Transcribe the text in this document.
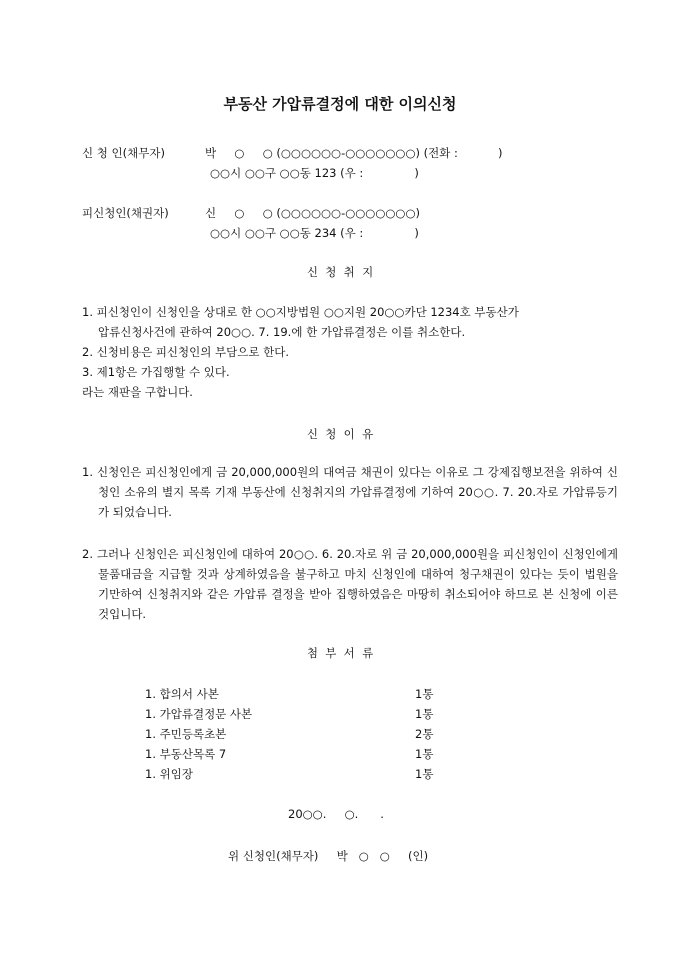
부동산 가압류결정에 대한 이의신청
신 청 인(채무자)	박     ○     ○ (○○○○○○-○○○○○○○) (전화 :           )
○○시 ○○구 ○○동 123 (우 :              )
피신청인(채권자)	신     ○     ○ (○○○○○○-○○○○○○○)
○○시 ○○구 ○○동 234 (우 :              )
신  청  취  지
1. 피신청인이 신청인을 상대로 한 ○○지방법원 ○○지원 20○○카단 1234호 부동산가
압류신청사건에 관하여 20○○. 7. 19.에 한 가압류결정은 이를 취소한다.
2. 신청비용은 피신청인의 부담으로 한다.
3. 제1항은 가집행할 수 있다.
라는 재판을 구합니다.
신  청  이  유
1. 신청인은 피신청인에게 금 20,000,000원의 대여금 채권이 있다는 이유로 그 강제집행보전을 위하여 신청인 소유의 별지 목록 기재 부동산에 신청취지의 가압류결정에 기하여 20○○. 7. 20.자로 가압류등기가 되었습니다.
2. 그러나 신청인은 피신청인에 대하여 20○○. 6. 20.자로 위 금 20,000,000원을 피신청인이 신청인에게 물품대금을 지급할 것과 상계하였음을 불구하고 마치 신청인에 대하여 청구채권이 있다는 듯이 법원을 기만하여 신청취지와 같은 가압류 결정을 받아 집행하였음은 마땅히 취소되어야 하므로 본 신청에 이른 것입니다.
첨  부  서  류
1. 합의서 사본	1통
1. 가압류결정문 사본	1통
1. 주민등록초본	2통
1. 부동산목록 7	1통
1. 위임장	1통
20○○.     ○.      .
위 신청인(채무자)     박   ○   ○     (인)
